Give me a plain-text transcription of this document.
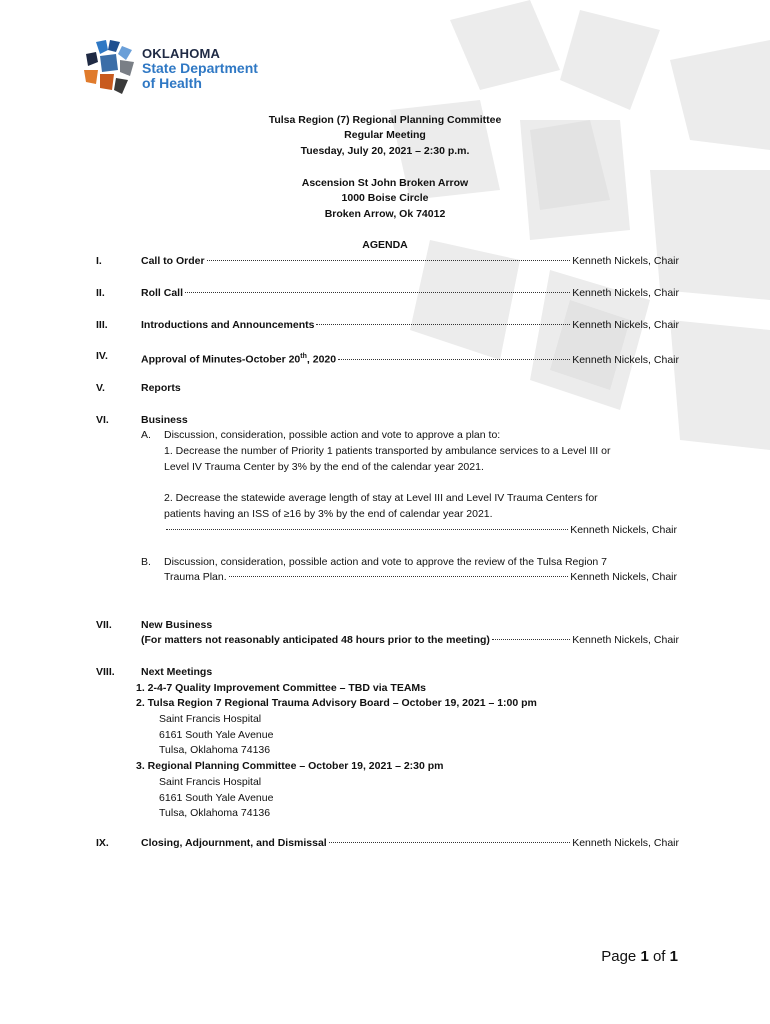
OKLAHOMA
State Department
of Health
Tulsa Region (7) Regional Planning Committee
Regular Meeting
Tuesday, July 20, 2021 – 2:30 p.m.
Ascension St John Broken Arrow
1000 Boise Circle
Broken Arrow, Ok 74012
AGENDA
I.	Call to Order	Kenneth Nickels, Chair
II.	Roll Call	Kenneth Nickels, Chair
III.	Introductions and Announcements	Kenneth Nickels, Chair
IV.	Approval of Minutes-October 20th, 2020	Kenneth Nickels, Chair
V.	Reports
VI.	Business
A. Discussion, consideration, possible action and vote to approve a plan to:
1. Decrease the number of Priority 1 patients transported by ambulance services to a Level III or
Level IV Trauma Center by 3% by the end of the calendar year 2021.
2. Decrease the statewide average length of stay at Level III and Level IV Trauma Centers for
patients having an ISS of ≥16 by 3% by the end of calendar year 2021.
Kenneth Nickels, Chair
B. Discussion, consideration, possible action and vote to approve the review of the Tulsa Region 7
Trauma Plan.	Kenneth Nickels, Chair
VII.	New Business
(For matters not reasonably anticipated 48 hours prior to the meeting)	Kenneth Nickels, Chair
VIII.	Next Meetings
1. 2-4-7 Quality Improvement Committee – TBD via TEAMs
2. Tulsa Region 7 Regional Trauma Advisory Board – October 19, 2021 – 1:00 pm
Saint Francis Hospital
6161 South Yale Avenue
Tulsa, Oklahoma 74136
3. Regional Planning Committee – October 19, 2021 – 2:30 pm
Saint Francis Hospital
6161 South Yale Avenue
Tulsa, Oklahoma 74136
IX.	Closing, Adjournment, and Dismissal	Kenneth Nickels, Chair
Page 1 of 1
